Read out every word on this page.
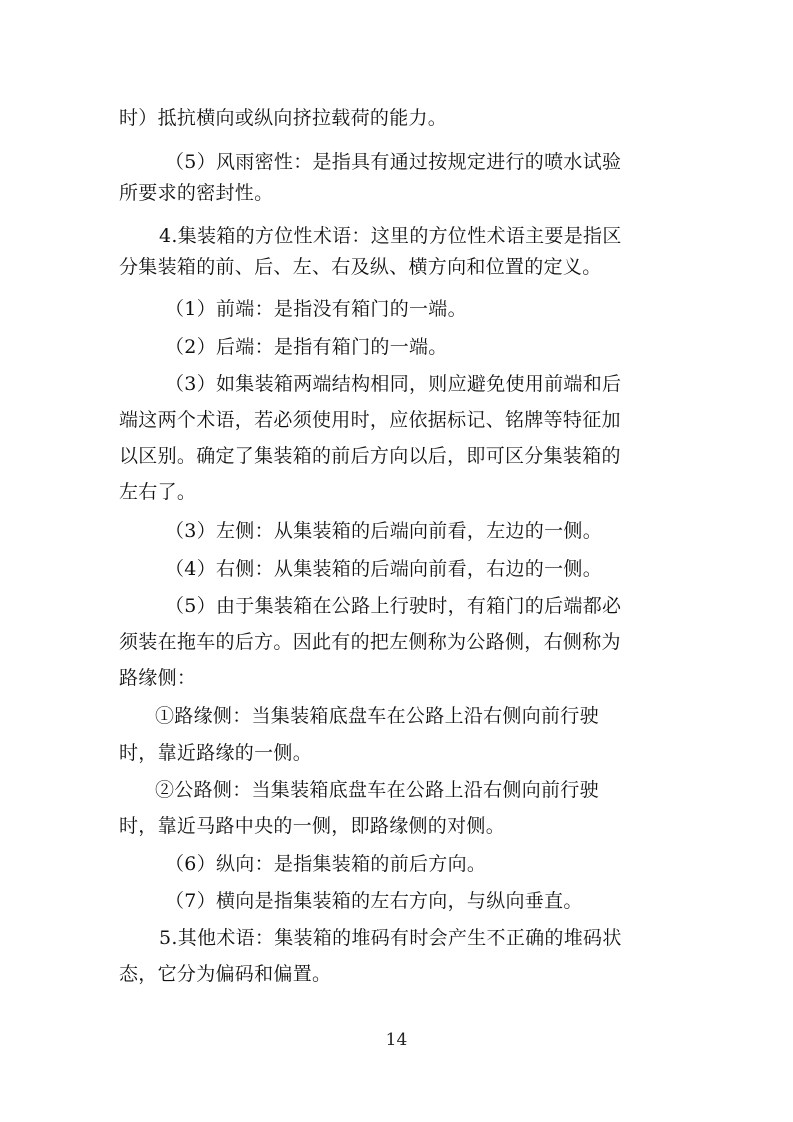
时）抵抗横向或纵向挤拉载荷的能力。
（5）风雨密性：是指具有通过按规定进行的喷水试验
所要求的密封性。
4.集装箱的方位性术语：这里的方位性术语主要是指区
分集装箱的前、后、左、右及纵、横方向和位置的定义。
（1）前端：是指没有箱门的一端。
（2）后端：是指有箱门的一端。
（3）如集装箱两端结构相同，则应避免使用前端和后
端这两个术语，若必须使用时，应依据标记、铭牌等特征加
以区别。确定了集装箱的前后方向以后，即可区分集装箱的
左右了。
（3）左侧：从集装箱的后端向前看，左边的一侧。
（4）右侧：从集装箱的后端向前看，右边的一侧。
（5）由于集装箱在公路上行驶时，有箱门的后端都必
须装在拖车的后方。因此有的把左侧称为公路侧，右侧称为
路缘侧：
①路缘侧：当集装箱底盘车在公路上沿右侧向前行驶
时，靠近路缘的一侧。
②公路侧：当集装箱底盘车在公路上沿右侧向前行驶
时，靠近马路中央的一侧，即路缘侧的对侧。
（6）纵向：是指集装箱的前后方向。
（7）横向是指集装箱的左右方向，与纵向垂直。
5.其他术语：集装箱的堆码有时会产生不正确的堆码状
态，它分为偏码和偏置。
14
